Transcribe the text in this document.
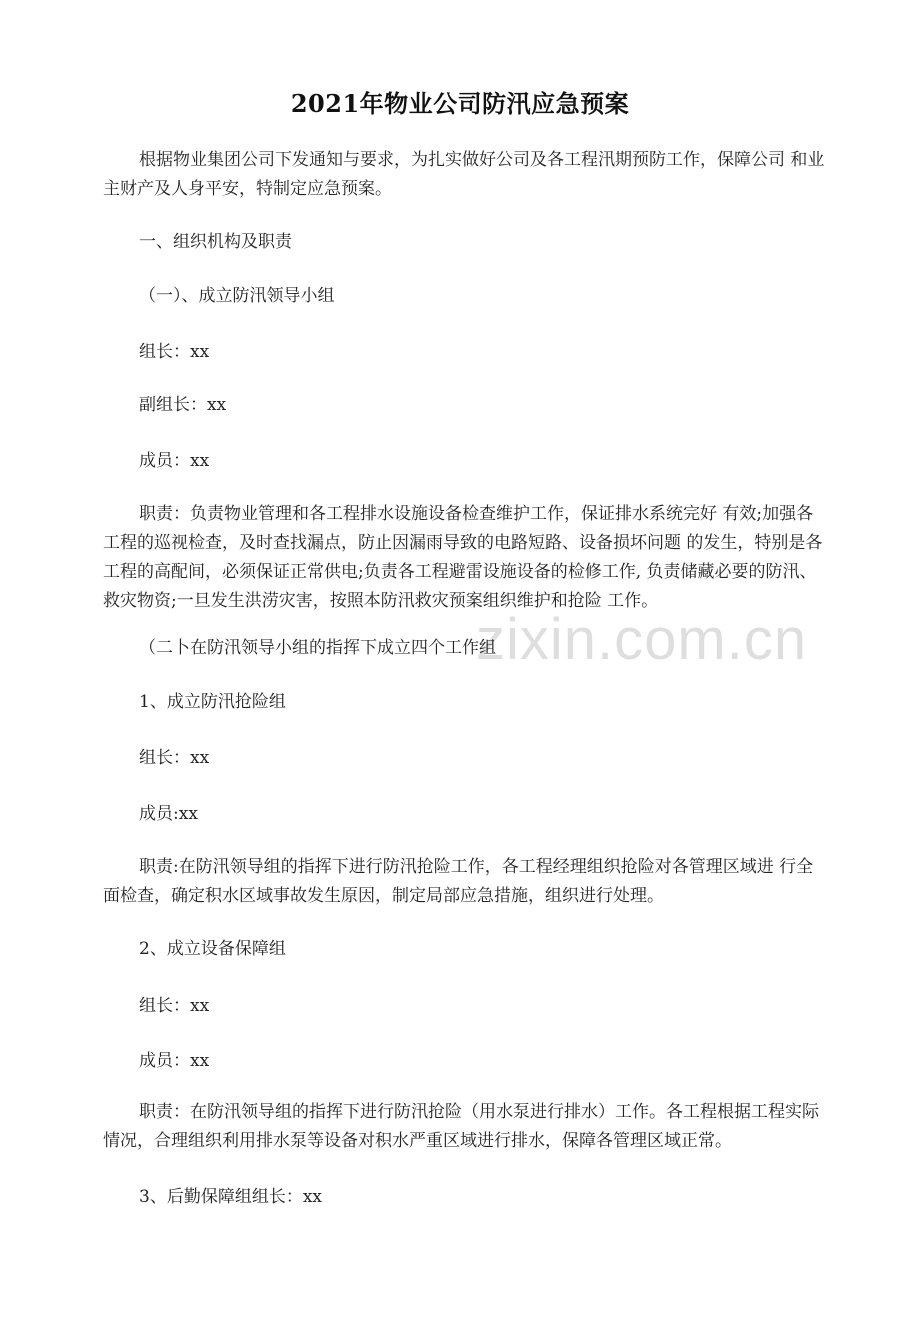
2021年物业公司防汛应急预案

根据物业集团公司下发通知与要求，为扎实做好公司及各工程汛期预防工作，保障公司 和业主财产及人身平安，特制定应急预案。

一、组织机构及职责
（一）、成立防汛领导小组
组长：xx
副组长：xx
成员：xx

职责：负责物业管理和各工程排水设施设备检查维护工作，保证排水系统完好 有效;加强各工程的巡视检查，及时查找漏点，防止因漏雨导致的电路短路、设备损坏问题 的发生，特别是各工程的高配间，必须保证正常供电;负责各工程避雷设施设备的检修工作, 负责储藏必要的防汛、救灾物资;一旦发生洪涝灾害，按照本防汛救灾预案组织维护和抢险 工作。

（二卜在防汛领导小组的指挥下成立四个工作组
1、成立防汛抢险组
组长：xx
成员:xx

职责:在防汛领导组的指挥下进行防汛抢险工作，各工程经理组织抢险对各管理区域进 行全面检查，确定积水区域事故发生原因，制定局部应急措施，组织进行处理。

2、成立设备保障组
组长：xx
成员：xx

职责：在防汛领导组的指挥下进行防汛抢险（用水泵进行排水）工作。各工程根据工程实际情况，合理组织利用排水泵等设备对积水严重区域进行排水，保障各管理区域正常。

3、后勤保障组组长：xx
zixin.com.cn
